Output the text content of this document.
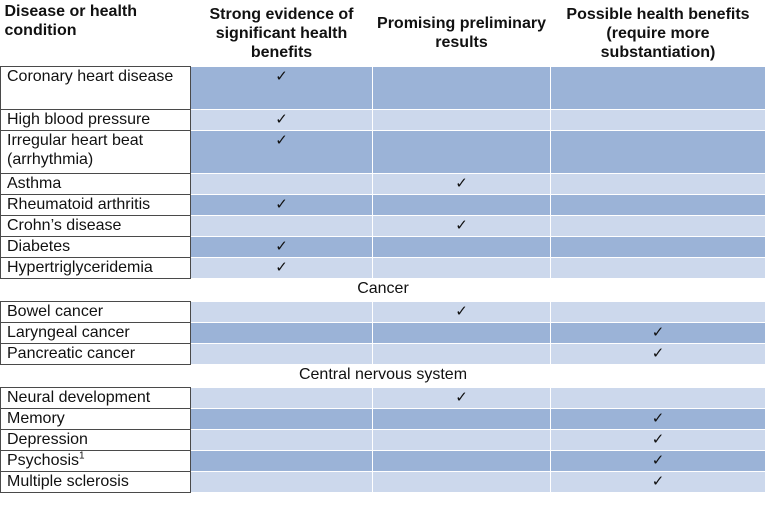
Disease or health condition	Strong evidence of significant health benefits	Promising preliminary results	Possible health benefits (require more substantiation)
Coronary heart disease	✓		
High blood pressure	✓		
Irregular heart beat (arrhythmia)	✓		
Asthma		✓	
Rheumatoid arthritis	✓		
Crohn’s disease		✓	
Diabetes	✓		
Hypertriglyceridemia	✓		
Cancer			
Bowel cancer		✓	
Laryngeal cancer			✓
Pancreatic cancer			✓
Central nervous system			
Neural development		✓	
Memory			✓
Depression			✓
Psychosis$^1$			✓
Multiple sclerosis			✓
